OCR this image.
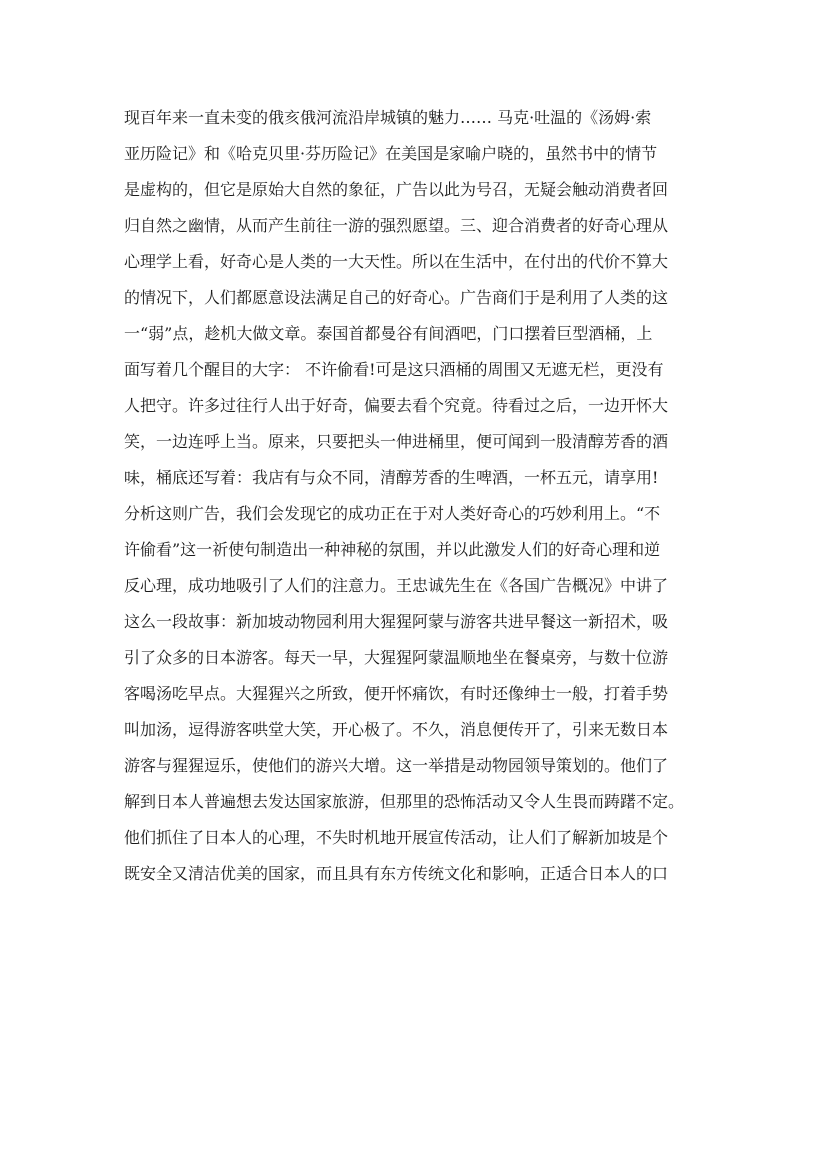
现百年来一直未变的俄亥俄河流沿岸城镇的魅力…… 马克·吐温的《汤姆·索
亚历险记》和《哈克贝里·芬历险记》在美国是家喻户晓的，虽然书中的情节
是虚构的，但它是原始大自然的象征，广告以此为号召，无疑会触动消费者回
归自然之幽情，从而产生前往一游的强烈愿望。三、迎合消费者的好奇心理从
心理学上看，好奇心是人类的一大天性。所以在生活中，在付出的代价不算大
的情况下，人们都愿意设法满足自己的好奇心。广告商们于是利用了人类的这
一“弱”点，趁机大做文章。泰国首都曼谷有间酒吧，门口摆着巨型酒桶，上
面写着几个醒目的大字： 不许偷看!可是这只酒桶的周围又无遮无栏，更没有
人把守。许多过往行人出于好奇，偏要去看个究竟。待看过之后，一边开怀大
笑，一边连呼上当。原来，只要把头一伸进桶里，便可闻到一股清醇芳香的酒
味，桶底还写着：我店有与众不同，清醇芳香的生啤酒，一杯五元，请享用!
分析这则广告，我们会发现它的成功正在于对人类好奇心的巧妙利用上。“不
许偷看”这一祈使句制造出一种神秘的氛围，并以此激发人们的好奇心理和逆
反心理，成功地吸引了人们的注意力。王忠诚先生在《各国广告概况》中讲了
这么一段故事：新加坡动物园利用大猩猩阿蒙与游客共进早餐这一新招术，吸
引了众多的日本游客。每天一早，大猩猩阿蒙温顺地坐在餐桌旁，与数十位游
客喝汤吃早点。大猩猩兴之所致，便开怀痛饮，有时还像绅士一般，打着手势
叫加汤，逗得游客哄堂大笑，开心极了。不久，消息便传开了，引来无数日本
游客与猩猩逗乐，使他们的游兴大增。这一举措是动物园领导策划的。他们了
解到日本人普遍想去发达国家旅游，但那里的恐怖活动又令人生畏而踌躇不定。
他们抓住了日本人的心理，不失时机地开展宣传活动，让人们了解新加坡是个
既安全又清洁优美的国家，而且具有东方传统文化和影响，正适合日本人的口
